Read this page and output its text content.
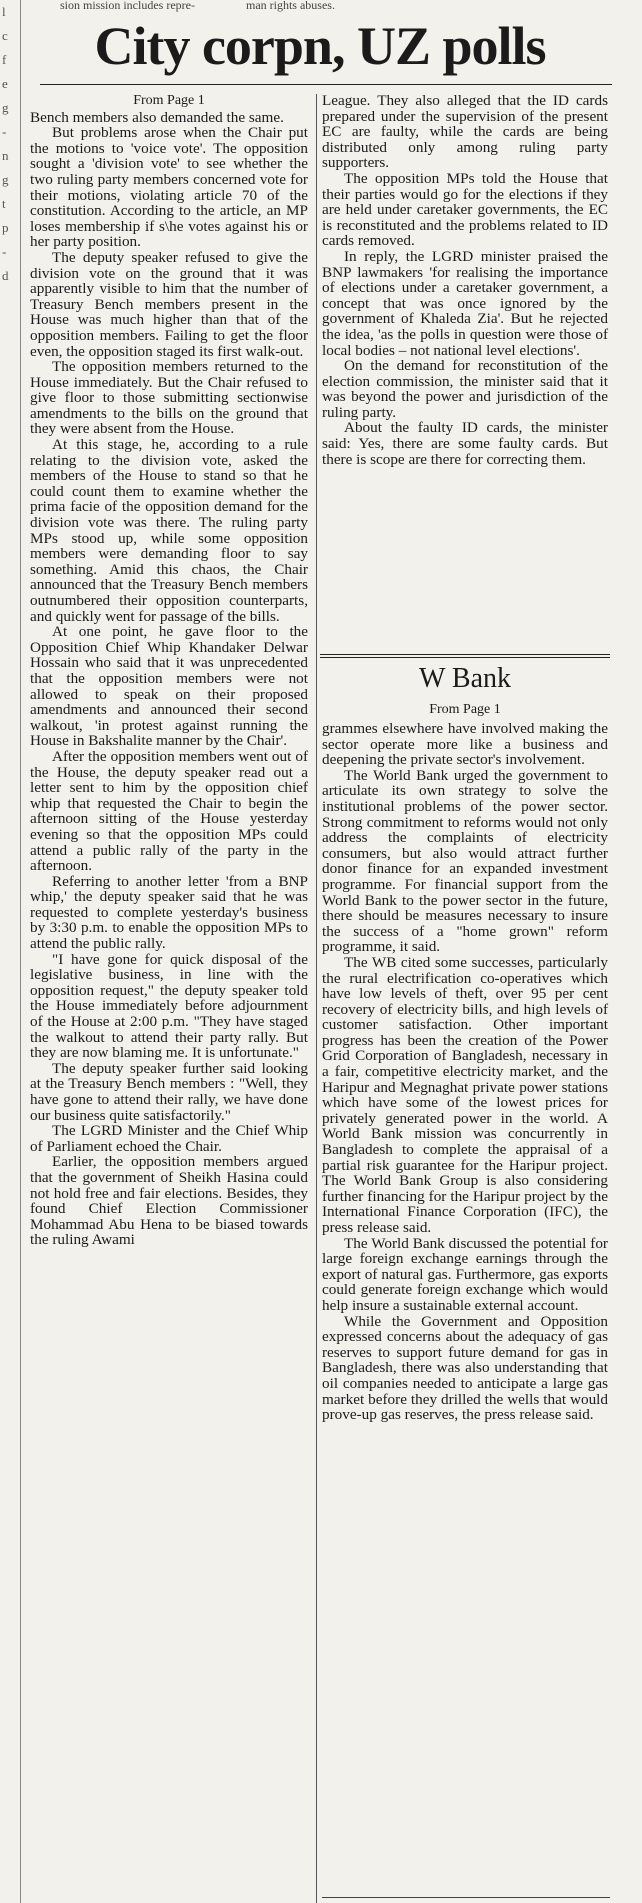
sion mission includes repre-	man rights abuses.
l
c
f
e
g
-
n
g
t
p
-
d
City corpn, UZ polls
From Page 1

Bench members also demanded the same.

But problems arose when the Chair put the motions to 'voice vote'. The opposition sought a 'division vote' to see whether the two ruling party members concerned vote for their motions, violating article 70 of the constitution. According to the article, an MP loses membership if s\he votes against his or her party position.

The deputy speaker refused to give the division vote on the ground that it was apparently visible to him that the number of Treasury Bench members present in the House was much higher than that of the opposition members. Failing to get the floor even, the opposition staged its first walk-out.

The opposition members returned to the House immediately. But the Chair refused to give floor to those submitting sectionwise amendments to the bills on the ground that they were absent from the House.

At this stage, he, according to a rule relating to the division vote, asked the members of the House to stand so that he could count them to examine whether the prima facie of the opposition demand for the division vote was there. The ruling party MPs stood up, while some opposition members were demanding floor to say something. Amid this chaos, the Chair announced that the Treasury Bench members outnumbered their opposition counterparts, and quickly went for passage of the bills.

At one point, he gave floor to the Opposition Chief Whip Khandaker Delwar Hossain who said that it was unprecedented that the opposition members were not allowed to speak on their proposed amendments and announced their second walkout, 'in protest against running the House in Bakshalite manner by the Chair'.

After the opposition members went out of the House, the deputy speaker read out a letter sent to him by the opposition chief whip that requested the Chair to begin the afternoon sitting of the House yesterday evening so that the opposition MPs could attend a public rally of the party in the afternoon.

Referring to another letter 'from a BNP whip,' the deputy speaker said that he was requested to complete yesterday's business by 3:30 p.m. to enable the opposition MPs to attend the public rally.

"I have gone for quick disposal of the legislative business, in line with the opposition request," the deputy speaker told the House immediately before adjournment of the House at 2:00 p.m. "They have staged the walkout to attend their party rally. But they are now blaming me. It is unfortunate."

The deputy speaker further said looking at the Treasury Bench members : "Well, they have gone to attend their rally, we have done our business quite satisfactorily."

The LGRD Minister and the Chief Whip of Parliament echoed the Chair.

Earlier, the opposition members argued that the government of Sheikh Hasina could not hold free and fair elections. Besides, they found Chief Election Commissioner Mohammad Abu Hena to be biased towards the ruling Awami

League. They also alleged that the ID cards prepared under the supervision of the present EC are faulty, while the cards are being distributed only among ruling party supporters.

The opposition MPs told the House that their parties would go for the elections if they are held under caretaker governments, the EC is reconstituted and the problems related to ID cards removed.

In reply, the LGRD minister praised the BNP lawmakers 'for realising the importance of elections under a caretaker government, a concept that was once ignored by the government of Khaleda Zia'. But he rejected the idea, 'as the polls in question were those of local bodies – not national level elections'.

On the demand for reconstitution of the election commission, the minister said that it was beyond the power and jurisdiction of the ruling party.

About the faulty ID cards, the minister said: Yes, there are some faulty cards. But there is scope are there for correcting them.

W Bank
From Page 1

grammes elsewhere have involved making the sector operate more like a business and deepening the private sector's involvement.

The World Bank urged the government to articulate its own strategy to solve the institutional problems of the power sector. Strong commitment to reforms would not only address the complaints of electricity consumers, but also would attract further donor finance for an expanded investment programme. For financial support from the World Bank to the power sector in the future, there should be measures necessary to insure the success of a "home grown" reform programme, it said.

The WB cited some successes, particularly the rural electrification co-operatives which have low levels of theft, over 95 per cent recovery of electricity bills, and high levels of customer satisfaction. Other important progress has been the creation of the Power Grid Corporation of Bangladesh, necessary in a fair, competitive electricity market, and the Haripur and Megnaghat private power stations which have some of the lowest prices for privately generated power in the world. A World Bank mission was concurrently in Bangladesh to complete the appraisal of a partial risk guarantee for the Haripur project. The World Bank Group is also considering further financing for the Haripur project by the International Finance Corporation (IFC), the press release said.

The World Bank discussed the potential for large foreign exchange earnings through the export of natural gas. Furthermore, gas exports could generate foreign exchange which would help insure a sustainable external account.

While the Government and Opposition expressed concerns about the adequacy of gas reserves to support future demand for gas in Bangladesh, there was also understanding that oil companies needed to anticipate a large gas market before they drilled the wells that would prove-up gas reserves, the press release said.
